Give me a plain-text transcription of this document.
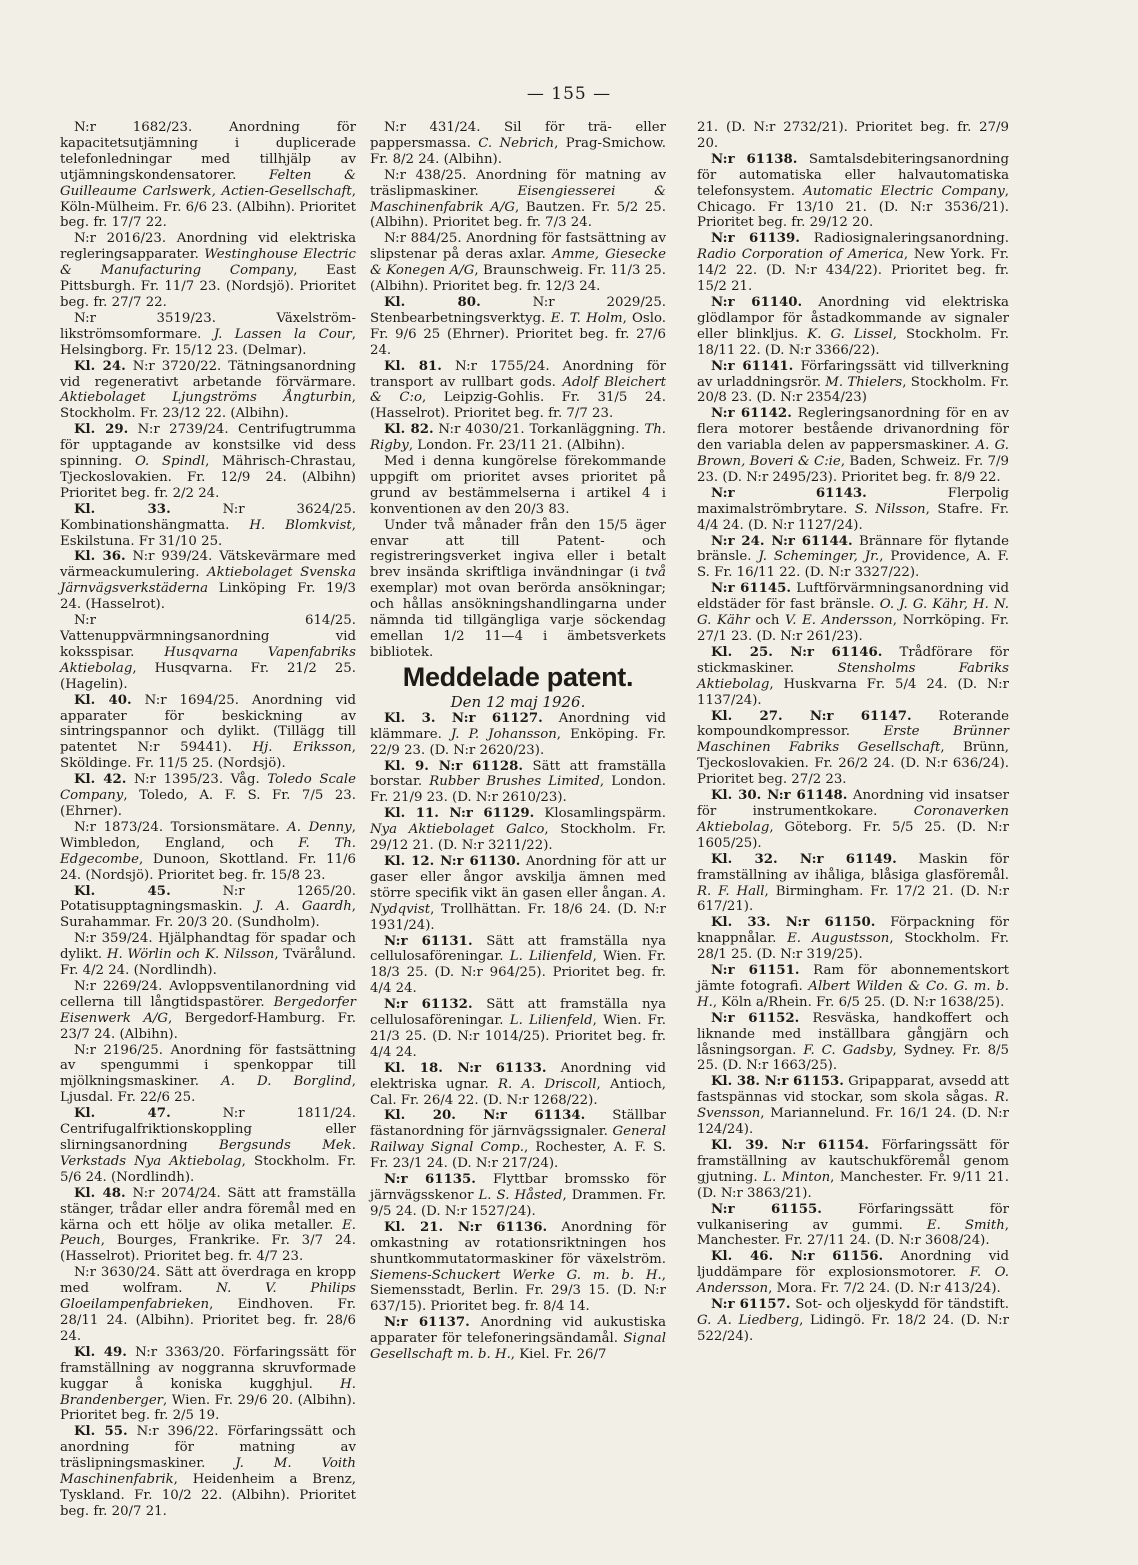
— 155 —

N:r 1682/23. Anordning för kapacitetsutjämning i duplicerade telefonledningar med tillhjälp av utjämningskondensatorer. Felten & Guilleaume Carlswerk, Actien-Gesellschaft, Köln-Mülheim. Fr. 6/6 23. (Albihn). Prioritet beg. fr. 17/7 22.

N:r 2016/23. Anordning vid elektriska regleringsapparater. Westinghouse Electric & Manufacturing Company, East Pittsburgh. Fr. 11/7 23. (Nordsjö). Prioritet beg. fr. 27/7 22.

N:r 3519/23. Växelström-likströmsomformare. J. Lassen la Cour, Helsingborg. Fr. 15/12 23. (Delmar).

Kl. 24. N:r 3720/22. Tätningsanordning vid regenerativt arbetande förvärmare. Aktiebolaget Ljungströms Ångturbin, Stockholm. Fr. 23/12 22. (Albihn).

Kl. 29. N:r 2739/24. Centrifugtrumma för upptagande av konstsilke vid dess spinning. O. Spindl, Mährisch-Chrastau, Tjeckoslovakien. Fr. 12/9 24. (Albihn) Prioritet beg. fr. 2/2 24.

Kl. 33. N:r 3624/25. Kombinationshängmatta. H. Blomkvist, Eskilstuna. Fr 31/10 25.

Kl. 36. N:r 939/24. Vätskevärmare med värmeackumulering. Aktiebolaget Svenska Järnvägsverkstäderna Linköping Fr. 19/3 24. (Hasselrot).

N:r 614/25. Vattenuppvärmningsanordning vid koksspisar. Husqvarna Vapenfabriks Aktiebolag, Husqvarna. Fr. 21/2 25. (Hagelin).

Kl. 40. N:r 1694/25. Anordning vid apparater för beskickning av sintringspannor och dylikt. (Tillägg till patentet N:r 59441). Hj. Eriksson, Sköldinge. Fr. 11/5 25. (Nordsjö).

Kl. 42. N:r 1395/23. Våg. Toledo Scale Company, Toledo, A. F. S. Fr. 7/5 23. (Ehrner).

N:r 1873/24. Torsionsmätare. A. Denny, Wimbledon, England, och F. Th. Edgecombe, Dunoon, Skottland. Fr. 11/6 24. (Nordsjö). Prioritet beg. fr. 15/8 23.

Kl. 45. N:r 1265/20. Potatisupptagningsmaskin. J. A. Gaardh, Surahammar. Fr. 20/3 20. (Sundholm).

N:r 359/24. Hjälphandtag för spadar och dylikt. H. Wörlin och K. Nilsson, Tvärålund. Fr. 4/2 24. (Nordlindh).

N:r 2269/24. Avloppsventilanordning vid cellerna till långtidspastörer. Bergedorfer Eisenwerk A/G, Bergedorf-Hamburg. Fr. 23/7 24. (Albihn).

N:r 2196/25. Anordning för fastsättning av spengummi i spenkoppar till mjölkningsmaskiner. A. D. Borglind, Ljusdal. Fr. 22/6 25.

Kl. 47. N:r 1811/24. Centrifugalfriktionskoppling eller slirningsanordning Bergsunds Mek. Verkstads Nya Aktiebolag, Stockholm. Fr. 5/6 24. (Nordlindh).

Kl. 48. N:r 2074/24. Sätt att framställa stänger, trådar eller andra föremål med en kärna och ett hölje av olika metaller. E. Peuch, Bourges, Frankrike. Fr. 3/7 24. (Hasselrot). Prioritet beg. fr. 4/7 23.

N:r 3630/24. Sätt att överdraga en kropp med wolfram. N. V. Philips Gloeilampenfabrieken, Eindhoven. Fr. 28/11 24. (Albihn). Prioritet beg. fr. 28/6 24.

Kl. 49. N:r 3363/20. Förfaringssätt för framställning av noggranna skruvformade kuggar å koniska kugghjul. H. Brandenberger, Wien. Fr. 29/6 20. (Albihn). Prioritet beg. fr. 2/5 19.

Kl. 55. N:r 396/22. Förfaringssätt och anordning för matning av träslipningsmaskiner. J. M. Voith Maschinenfabrik, Heidenheim a Brenz, Tyskland. Fr. 10/2 22. (Albihn). Prioritet beg. fr. 20/7 21.

N:r 431/24. Sil för trä- eller pappersmassa. C. Nebrich, Prag-Smichow. Fr. 8/2 24. (Albihn).

N:r 438/25. Anordning för matning av träslipmaskiner. Eisengiesserei & Maschinenfabrik A/G, Bautzen. Fr. 5/2 25. (Albihn). Prioritet beg. fr. 7/3 24.

N:r 884/25. Anordning för fastsättning av slipstenar på deras axlar. Amme, Giesecke & Konegen A/G, Braunschweig. Fr. 11/3 25. (Albihn). Prioritet beg. fr. 12/3 24.

Kl. 80. N:r 2029/25. Stenbearbetningsverktyg. E. T. Holm, Oslo. Fr. 9/6 25 (Ehrner). Prioritet beg. fr. 27/6 24.

Kl. 81. N:r 1755/24. Anordning för transport av rullbart gods. Adolf Bleichert & C:o, Leipzig-Gohlis. Fr. 31/5 24. (Hasselrot). Prioritet beg. fr. 7/7 23.

Kl. 82. N:r 4030/21. Torkanläggning. Th. Rigby, London. Fr. 23/11 21. (Albihn).

Med i denna kungörelse förekommande uppgift om prioritet avses prioritet på grund av bestämmelserna i artikel 4 i konventionen av den 20/3 83.

Under två månader från den 15/5 äger envar att till Patent- och registreringsverket ingiva eller i betalt brev insända skriftliga invändningar (i två exemplar) mot ovan berörda ansökningar; och hållas ansökningshandlingarna under nämnda tid tillgängliga varje söckendag emellan 1/2 11—4 i ämbetsverkets bibliotek.

Meddelade patent.

Den 12 maj 1926.

Kl. 3. N:r 61127. Anordning vid klämmare. J. P. Johansson, Enköping. Fr. 22/9 23. (D. N:r 2620/23).

Kl. 9. N:r 61128. Sätt att framställa borstar. Rubber Brushes Limited, London. Fr. 21/9 23. (D. N:r 2610/23).

Kl. 11. N:r 61129. Klosamlingspärm. Nya Aktiebolaget Galco, Stockholm. Fr. 29/12 21. (D. N:r 3211/22).

Kl. 12. N:r 61130. Anordning för att ur gaser eller ångor avskilja ämnen med större specifik vikt än gasen eller ångan. A. Nydqvist, Trollhättan. Fr. 18/6 24. (D. N:r 1931/24).

N:r 61131. Sätt att framställa nya cellulosaföreningar. L. Lilienfeld, Wien. Fr. 18/3 25. (D. N:r 964/25). Prioritet beg. fr. 4/4 24.

N:r 61132. Sätt att framställa nya cellulosaföreningar. L. Lilienfeld, Wien. Fr. 21/3 25. (D. N:r 1014/25). Prioritet beg. fr. 4/4 24.

Kl. 18. N:r 61133. Anordning vid elektriska ugnar. R. A. Driscoll, Antioch, Cal. Fr. 26/4 22. (D. N:r 1268/22).

Kl. 20. N:r 61134. Ställbar fästanordning för järnvägssignaler. General Railway Signal Comp., Rochester, A. F. S. Fr. 23/1 24. (D. N:r 217/24).

N:r 61135. Flyttbar bromssko för järnvägsskenor L. S. Håsted, Drammen. Fr. 9/5 24. (D. N:r 1527/24).

Kl. 21. N:r 61136. Anordning för omkastning av rotationsriktningen hos shuntkommutatormaskiner för växelström. Siemens-Schuckert Werke G. m. b. H., Siemensstadt, Berlin. Fr. 29/3 15. (D. N:r 637/15). Prioritet beg. fr. 8/4 14.

N:r 61137. Anordning vid aukustiska apparater för telefoneringsändamål. Signal Gesellschaft m. b. H., Kiel. Fr. 26/7

21. (D. N:r 2732/21). Prioritet beg. fr. 27/9 20.

N:r 61138. Samtalsdebiteringsanordning för automatiska eller halvautomatiska telefonsystem. Automatic Electric Company, Chicago. Fr 13/10 21. (D. N:r 3536/21). Prioritet beg. fr. 29/12 20.

N:r 61139. Radiosignaleringsanordning. Radio Corporation of America, New York. Fr. 14/2 22. (D. N:r 434/22). Prioritet beg. fr. 15/2 21.

N:r 61140. Anordning vid elektriska glödlampor för åstadkommande av signaler eller blinkljus. K. G. Lissel, Stockholm. Fr. 18/11 22. (D. N:r 3366/22).

N:r 61141. Förfaringssätt vid tillverkning av urladdningsrör. M. Thielers, Stockholm. Fr. 20/8 23. (D. N:r 2354/23)

N:r 61142. Regleringsanordning för en av flera motorer bestående drivanordning för den variabla delen av pappersmaskiner. A. G. Brown, Boveri & C:ie, Baden, Schweiz. Fr. 7/9 23. (D. N:r 2495/23). Prioritet beg. fr. 8/9 22.

N:r 61143. Flerpolig maximalströmbrytare. S. Nilsson, Stafre. Fr. 4/4 24. (D. N:r 1127/24).

N:r 24. N:r 61144. Brännare för flytande bränsle. J. Scheminger, Jr., Providence, A. F. S. Fr. 16/11 22. (D. N:r 3327/22).

N:r 61145. Luftförvärmningsanordning vid eldstäder för fast bränsle. O. J. G. Kähr, H. N. G. Kähr och V. E. Andersson, Norrköping. Fr. 27/1 23. (D. N:r 261/23).

Kl. 25. N:r 61146. Trådförare för stickmaskiner. Stensholms Fabriks Aktiebolag, Huskvarna Fr. 5/4 24. (D. N:r 1137/24).

Kl. 27. N:r 61147. Roterande kompoundkompressor. Erste Brünner Maschinen Fabriks Gesellschaft, Brünn, Tjeckoslovakien. Fr. 26/2 24. (D. N:r 636/24). Prioritet beg. 27/2 23.

Kl. 30. N:r 61148. Anordning vid insatser för instrumentkokare. Coronaverken Aktiebolag, Göteborg. Fr. 5/5 25. (D. N:r 1605/25).

Kl. 32. N:r 61149. Maskin för framställning av ihåliga, blåsiga glasföremål. R. F. Hall, Birmingham. Fr. 17/2 21. (D. N:r 617/21).

Kl. 33. N:r 61150. Förpackning för knappnålar. E. Augustsson, Stockholm. Fr. 28/1 25. (D. N:r 319/25).

N:r 61151. Ram för abonnementskort jämte fotografi. Albert Wilden & Co. G. m. b. H., Köln a/Rhein. Fr. 6/5 25. (D. N:r 1638/25).

N:r 61152. Resväska, handkoffert och liknande med inställbara gångjärn och låsningsorgan. F. C. Gadsby, Sydney. Fr. 8/5 25. (D. N:r 1663/25).

Kl. 38. N:r 61153. Gripapparat, avsedd att fastspännas vid stockar, som skola sågas. R. Svensson, Mariannelund. Fr. 16/1 24. (D. N:r 124/24).

Kl. 39. N:r 61154. Förfaringssätt för framställning av kautschukföremål genom gjutning. L. Minton, Manchester. Fr. 9/11 21. (D. N:r 3863/21).

N:r 61155. Förfaringssätt för vulkanisering av gummi. E. Smith, Manchester. Fr. 27/11 24. (D. N:r 3608/24).

Kl. 46. N:r 61156. Anordning vid ljuddämpare för explosionsmotorer. F. O. Andersson, Mora. Fr. 7/2 24. (D. N:r 413/24).

N:r 61157. Sot- och oljeskydd för tändstift. G. A. Liedberg, Lidingö. Fr. 18/2 24. (D. N:r 522/24).
